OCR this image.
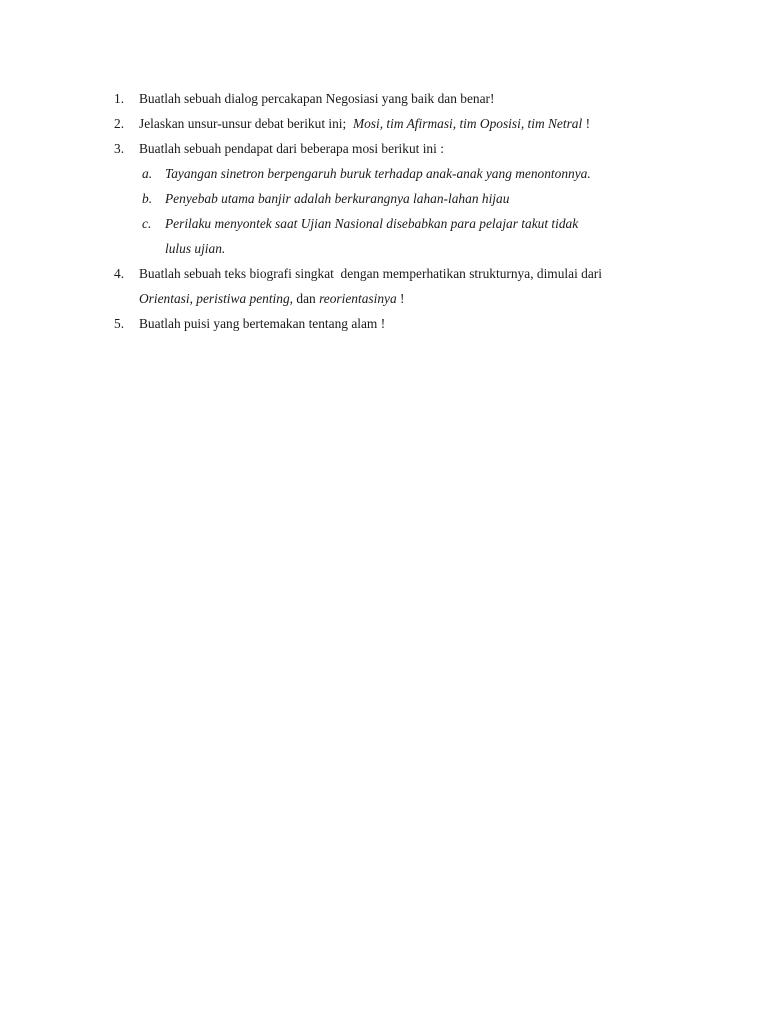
1.	Buatlah sebuah dialog percakapan Negosiasi yang baik dan benar!
2.	Jelaskan unsur-unsur debat berikut ini;  Mosi, tim Afirmasi, tim Oposisi, tim Netral !
3.	Buatlah sebuah pendapat dari beberapa mosi berikut ini :
a. Tayangan sinetron berpengaruh buruk terhadap anak-anak yang menontonnya.
b. Penyebab utama banjir adalah berkurangnya lahan-lahan hijau
c. Perilaku menyontek saat Ujian Nasional disebabkan para pelajar takut tidak
lulus ujian.
4.	Buatlah sebuah teks biografi singkat  dengan memperhatikan strukturnya, dimulai dari
Orientasi, peristiwa penting, dan reorientasinya !
5.	Buatlah puisi yang bertemakan tentang alam !
